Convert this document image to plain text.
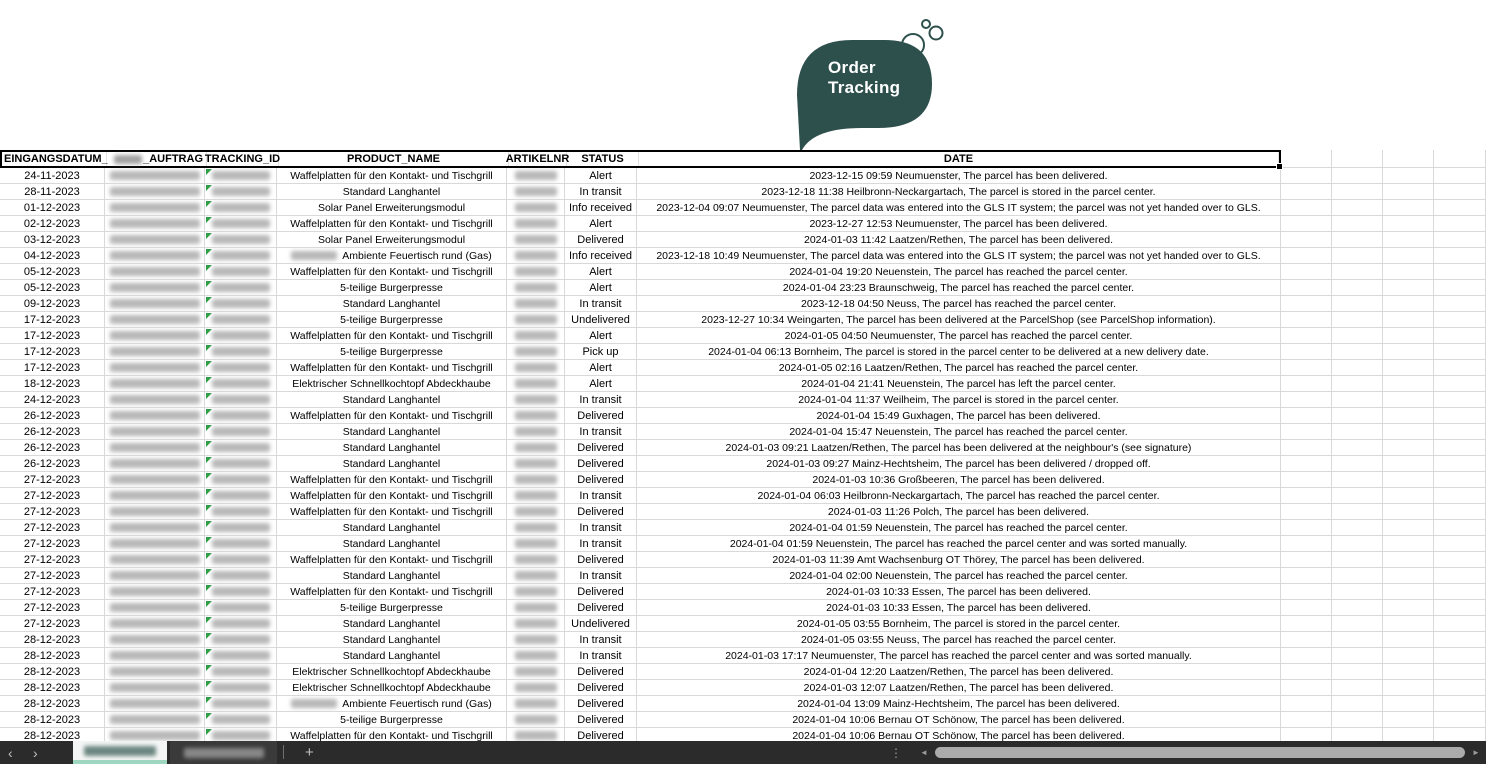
Order
Tracking
EINGANGSDATUM_	_AUFTRAG TRACKING_ID	PRODUCT_NAME	ARTIKELNR STATUS	DATE
24-11-2023	Waffelplatten für den Kontakt- und Tischgrill	Alert	2023-12-15 09:59 Neumuenster, The parcel has been delivered.
28-11-2023	Standard Langhantel	In transit	2023-12-18 11:38 Heilbronn-Neckargartach, The parcel is stored in the parcel center.
01-12-2023	Solar Panel Erweiterungsmodul	Info received	2023-12-04 09:07 Neumuenster, The parcel data was entered into the GLS IT system; the parcel was not yet handed over to GLS.
02-12-2023	Waffelplatten für den Kontakt- und Tischgrill	Alert	2023-12-27 12:53 Neumuenster, The parcel has been delivered.
03-12-2023	Solar Panel Erweiterungsmodul	Delivered	2024-01-03 11:42 Laatzen/Rethen, The parcel has been delivered.
04-12-2023	Ambiente Feuertisch rund (Gas)	Info received	2023-12-18 10:49 Neumuenster, The parcel data was entered into the GLS IT system; the parcel was not yet handed over to GLS.
05-12-2023	Waffelplatten für den Kontakt- und Tischgrill	Alert	2024-01-04 19:20 Neuenstein, The parcel has reached the parcel center.
05-12-2023	5-teilige Burgerpresse	Alert	2024-01-04 23:23 Braunschweig, The parcel has reached the parcel center.
09-12-2023	Standard Langhantel	In transit	2023-12-18 04:50 Neuss, The parcel has reached the parcel center.
17-12-2023	5-teilige Burgerpresse	Undelivered	2023-12-27 10:34 Weingarten, The parcel has been delivered at the ParcelShop (see ParcelShop information).
17-12-2023	Waffelplatten für den Kontakt- und Tischgrill	Alert	2024-01-05 04:50 Neumuenster, The parcel has reached the parcel center.
17-12-2023	5-teilige Burgerpresse	Pick up	2024-01-04 06:13 Bornheim, The parcel is stored in the parcel center to be delivered at a new delivery date.
17-12-2023	Waffelplatten für den Kontakt- und Tischgrill	Alert	2024-01-05 02:16 Laatzen/Rethen, The parcel has reached the parcel center.
18-12-2023	Elektrischer Schnellkochtopf Abdeckhaube	Alert	2024-01-04 21:41 Neuenstein, The parcel has left the parcel center.
24-12-2023	Standard Langhantel	In transit	2024-01-04 11:37 Weilheim, The parcel is stored in the parcel center.
26-12-2023	Waffelplatten für den Kontakt- und Tischgrill	Delivered	2024-01-04 15:49 Guxhagen, The parcel has been delivered.
26-12-2023	Standard Langhantel	In transit	2024-01-04 15:47 Neuenstein, The parcel has reached the parcel center.
26-12-2023	Standard Langhantel	Delivered	2024-01-03 09:21 Laatzen/Rethen, The parcel has been delivered at the neighbour's (see signature)
26-12-2023	Standard Langhantel	Delivered	2024-01-03 09:27 Mainz-Hechtsheim, The parcel has been delivered / dropped off.
27-12-2023	Waffelplatten für den Kontakt- und Tischgrill	Delivered	2024-01-03 10:36 Großbeeren, The parcel has been delivered.
27-12-2023	Waffelplatten für den Kontakt- und Tischgrill	In transit	2024-01-04 06:03 Heilbronn-Neckargartach, The parcel has reached the parcel center.
27-12-2023	Waffelplatten für den Kontakt- und Tischgrill	Delivered	2024-01-03 11:26 Polch, The parcel has been delivered.
27-12-2023	Standard Langhantel	In transit	2024-01-04 01:59 Neuenstein, The parcel has reached the parcel center.
27-12-2023	Standard Langhantel	In transit	2024-01-04 01:59 Neuenstein, The parcel has reached the parcel center and was sorted manually.
27-12-2023	Waffelplatten für den Kontakt- und Tischgrill	Delivered	2024-01-03 11:39 Amt Wachsenburg OT Thörey, The parcel has been delivered.
27-12-2023	Standard Langhantel	In transit	2024-01-04 02:00 Neuenstein, The parcel has reached the parcel center.
27-12-2023	Waffelplatten für den Kontakt- und Tischgrill	Delivered	2024-01-03 10:33 Essen, The parcel has been delivered.
27-12-2023	5-teilige Burgerpresse	Delivered	2024-01-03 10:33 Essen, The parcel has been delivered.
27-12-2023	Standard Langhantel	Undelivered	2024-01-05 03:55 Bornheim, The parcel is stored in the parcel center.
28-12-2023	Standard Langhantel	In transit	2024-01-05 03:55 Neuss, The parcel has reached the parcel center.
28-12-2023	Standard Langhantel	In transit	2024-01-03 17:17 Neumuenster, The parcel has reached the parcel center and was sorted manually.
28-12-2023	Elektrischer Schnellkochtopf Abdeckhaube	Delivered	2024-01-04 12:20 Laatzen/Rethen, The parcel has been delivered.
28-12-2023	Elektrischer Schnellkochtopf Abdeckhaube	Delivered	2024-01-03 12:07 Laatzen/Rethen, The parcel has been delivered.
28-12-2023	Ambiente Feuertisch rund (Gas)	Delivered	2024-01-04 13:09 Mainz-Hechtsheim, The parcel has been delivered.
28-12-2023	5-teilige Burgerpresse	Delivered	2024-01-04 10:06 Bernau OT Schönow, The parcel has been delivered.
28-12-2023	Waffelplatten für den Kontakt- und Tischgrill	Delivered	2024-01-04 10:06 Bernau OT Schönow, The parcel has been delivered.
‹ ›	+	⋮ ◄	►
